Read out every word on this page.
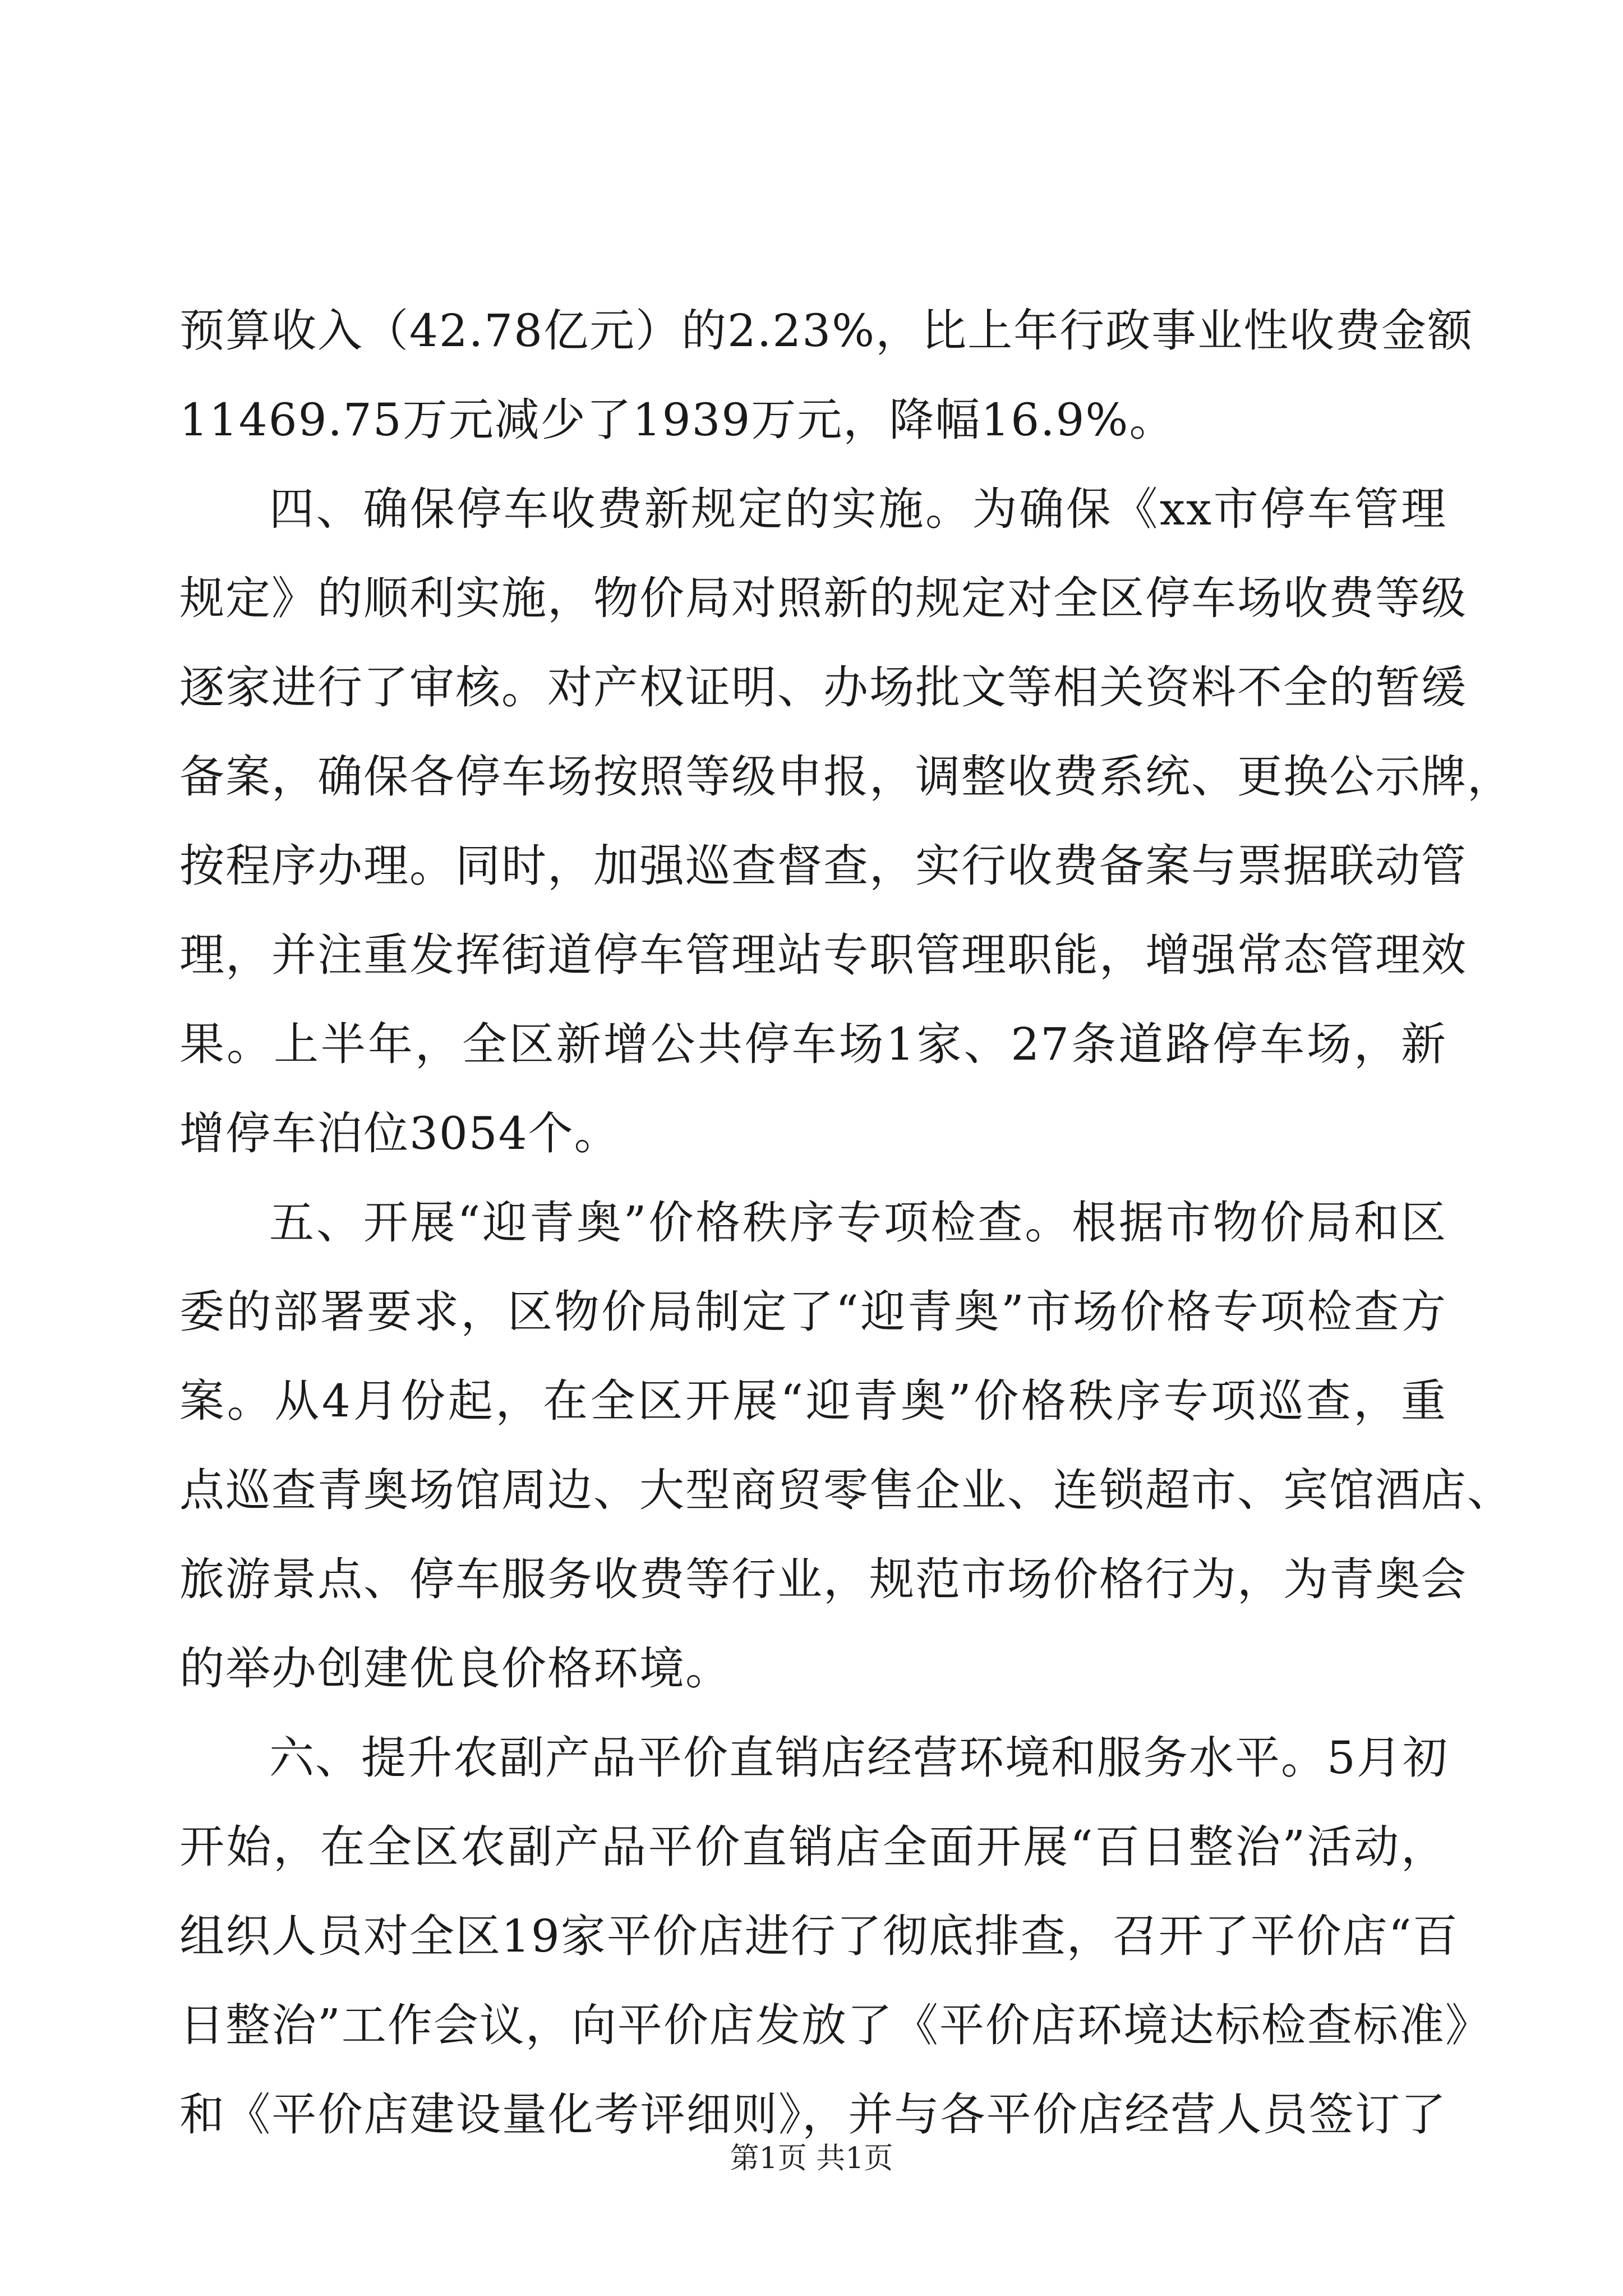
预算收入（42.78亿元）的2.23%，比上年行政事业性收费金额
11469.75万元减少了1939万元，降幅16.9%。
四、确保停车收费新规定的实施。为确保《xx市停车管理
规定》的顺利实施，物价局对照新的规定对全区停车场收费等级
逐家进行了审核。对产权证明、办场批文等相关资料不全的暂缓
备案，确保各停车场按照等级申报，调整收费系统、更换公示牌，
按程序办理。同时，加强巡查督查，实行收费备案与票据联动管
理，并注重发挥街道停车管理站专职管理职能，增强常态管理效
果。上半年，全区新增公共停车场1家、27条道路停车场，新
增停车泊位3054个。
五、开展“迎青奥”价格秩序专项检查。根据市物价局和区
委的部署要求，区物价局制定了“迎青奥”市场价格专项检查方
案。从4月份起，在全区开展“迎青奥”价格秩序专项巡查，重
点巡查青奥场馆周边、大型商贸零售企业、连锁超市、宾馆酒店、
旅游景点、停车服务收费等行业，规范市场价格行为，为青奥会
的举办创建优良价格环境。
六、提升农副产品平价直销店经营环境和服务水平。5月初
开始，在全区农副产品平价直销店全面开展“百日整治”活动，
组织人员对全区19家平价店进行了彻底排查，召开了平价店“百
日整治”工作会议，向平价店发放了《平价店环境达标检查标准》
和《平价店建设量化考评细则》，并与各平价店经营人员签订了
第1页 共1页
